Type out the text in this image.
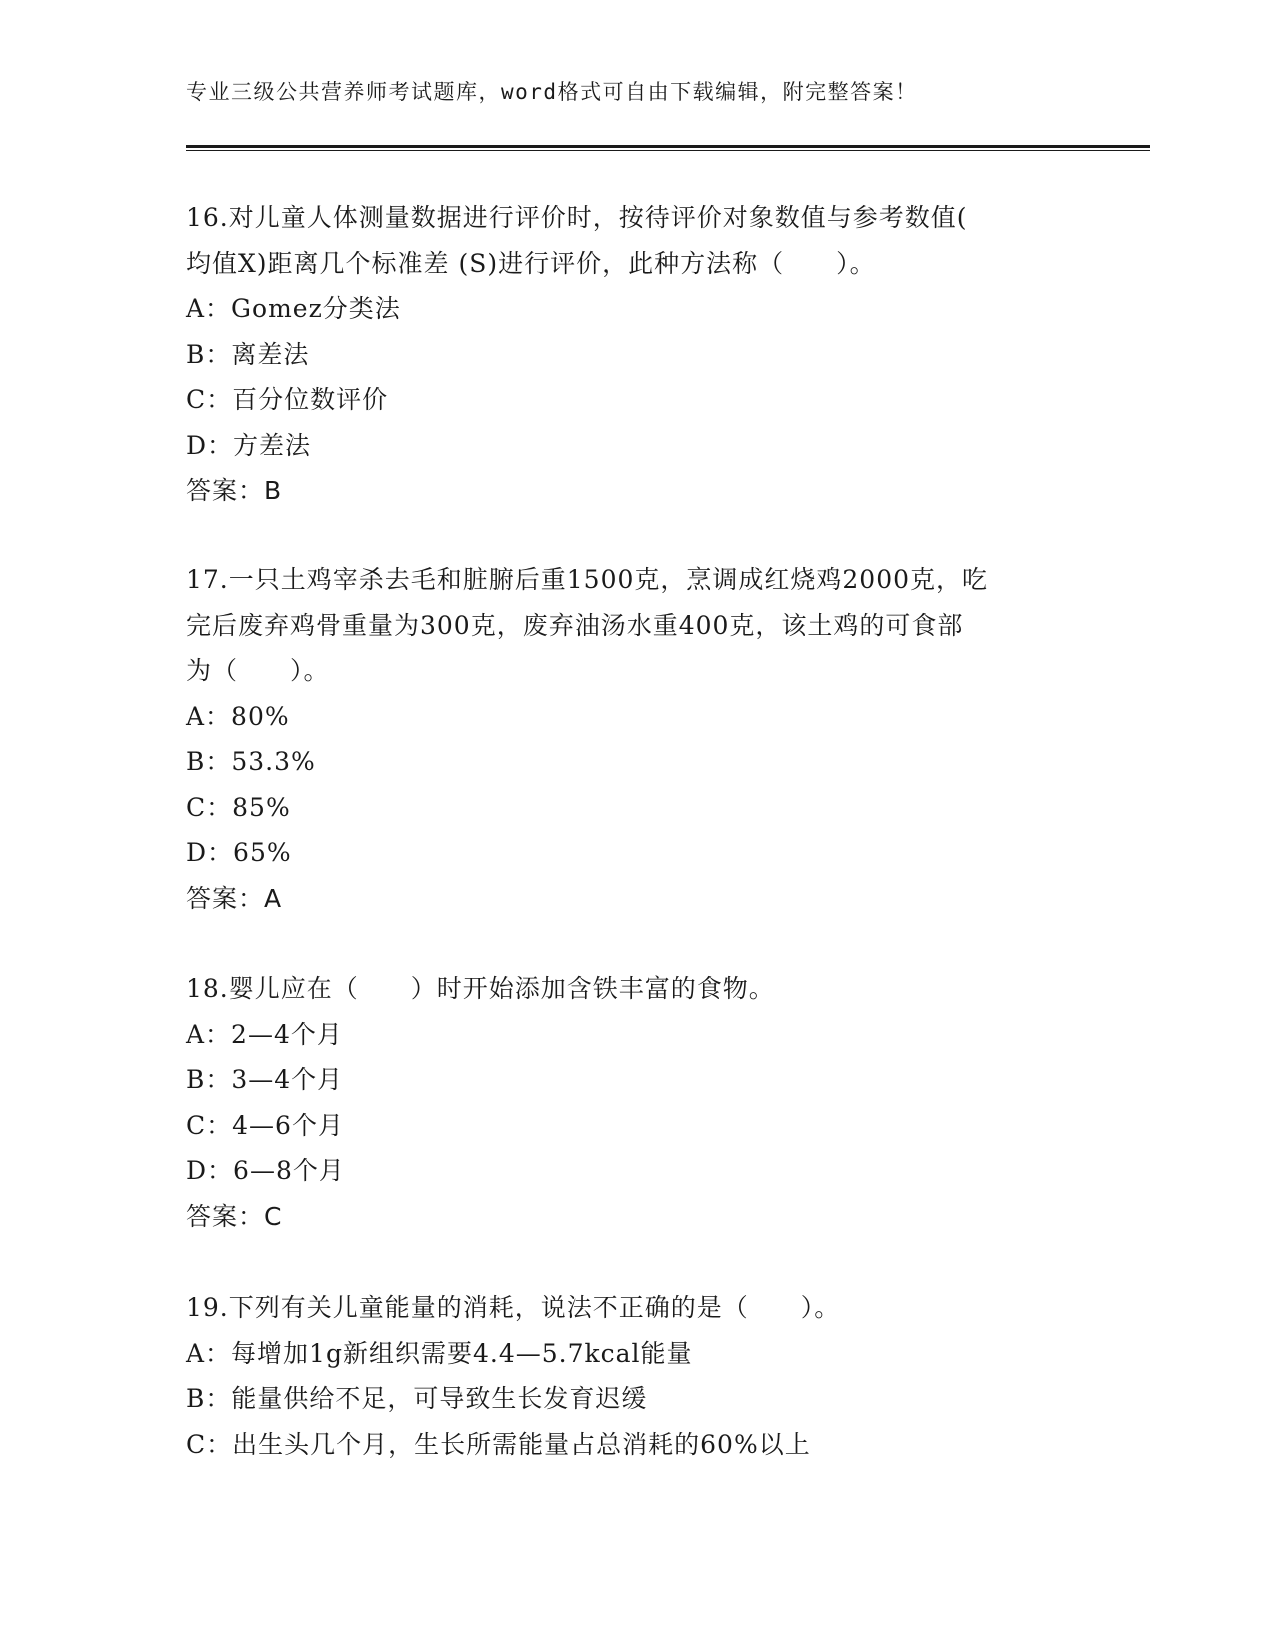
专业三级公共营养师考试题库，word格式可自由下载编辑，附完整答案！
16.对儿童人体测量数据进行评价时，按待评价对象数值与参考数值(
均值X)距离几个标准差 (S)进行评价，此种方法称（　　）。
A：Gomez分类法
B：离差法
C：百分位数评价
D：方差法
答案：B
17.一只土鸡宰杀去毛和脏腑后重1500克，烹调成红烧鸡2000克，吃
完后废弃鸡骨重量为300克，废弃油汤水重400克，该土鸡的可食部
为（　　）。
A：80%
B：53.3%
C：85%
D：65%
答案：A
18.婴儿应在（　　）时开始添加含铁丰富的食物。
A：2—4个月
B：3—4个月
C：4—6个月
D：6—8个月
答案：C
19.下列有关儿童能量的消耗，说法不正确的是（　　）。
A：每增加1g新组织需要4.4—5.7kcal能量
B：能量供给不足，可导致生长发育迟缓
C：出生头几个月，生长所需能量占总消耗的60%以上
